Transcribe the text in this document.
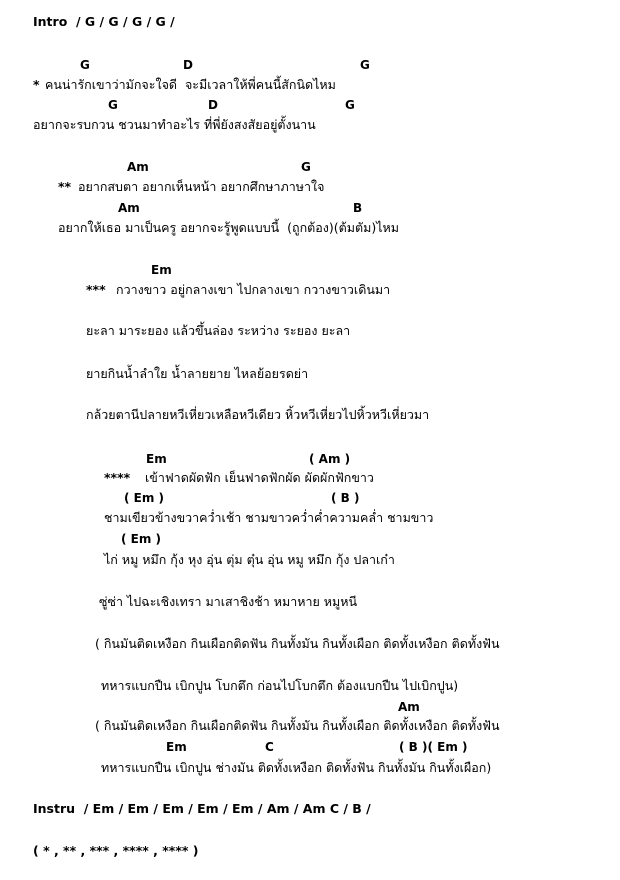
Intro  / G / G / G / G /
G	D	G
* คนน่ารักเขาว่ามักจะใจดี  จะมีเวลาให้พี่คนนี้สักนิดไหม
G	D	G
อยากจะรบกวน ชวนมาทำอะไร ที่พี่ยังสงสัยอยู่ตั้งนาน
Am	G
** อยากสบตา อยากเห็นหน้า อยากศึกษาภาษาใจ
Am	B
อยากให้เธอ มาเป็นครู อยากจะรู้พูดแบบนี้  (ถูกต้อง)(ต้มตัม)ไหม
Em
*** กวางขาว อยู่กลางเขา ไปกลางเขา กวางขาวเดินมา
ยะลา มาระยอง แล้วขึ้นล่อง ระหว่าง ระยอง ยะลา
ยายกินน้ำลำใย น้ำลายยาย ไหลย้อยรดย่า
กล้วยตานีปลายหวีเหี่ยวเหลือหวีเดียว หิ้วหวีเหี่ยวไปหิ้วหวีเหี่ยวมา
Em	( Am )
**** เข้าฟาดผัดฟัก เย็นฟาดฟักผัด ผัดผักฟักขาว
( Em )	( B )
ชามเขียวข้างขวาคว่ำเช้า ชามขาวคว่ำค่ำความคล่ำ ชามขาว
( Em )
ไก่ หมู หมึก กุ้ง หุง อุ่น ตุ่ม ตุ๋น อุ่น หมู หมึก กุ้ง ปลาเก๋า
ซู่ซ่า ไปฉะเชิงเทรา มาเสาชิงช้า หมาหาย หมูหนี
( กินมันติดเหงือก กินเผือกติดฟัน กินทั้งมัน กินทั้งเผือก ติดทั้งเหงือก ติดทั้งฟัน
ทหารแบกปืน เบิกปูน โบกตึก ก่อนไปโบกตึก ต้องแบกปืน ไปเบิกปูน)
Am
( กินมันติดเหงือก กินเผือกติดฟัน กินทั้งมัน กินทั้งเผือก ติดทั้งเหงือก ติดทั้งฟัน
Em	C	( B )( Em )
ทหารแบกปืน เบิกปูน ช่างมัน ติดทั้งเหงือก ติดทั้งฟัน กินทั้งมัน กินทั้งเผือก)
Instru  / Em / Em / Em / Em / Em / Am / Am C / B /
( * , ** , *** , **** , **** )
